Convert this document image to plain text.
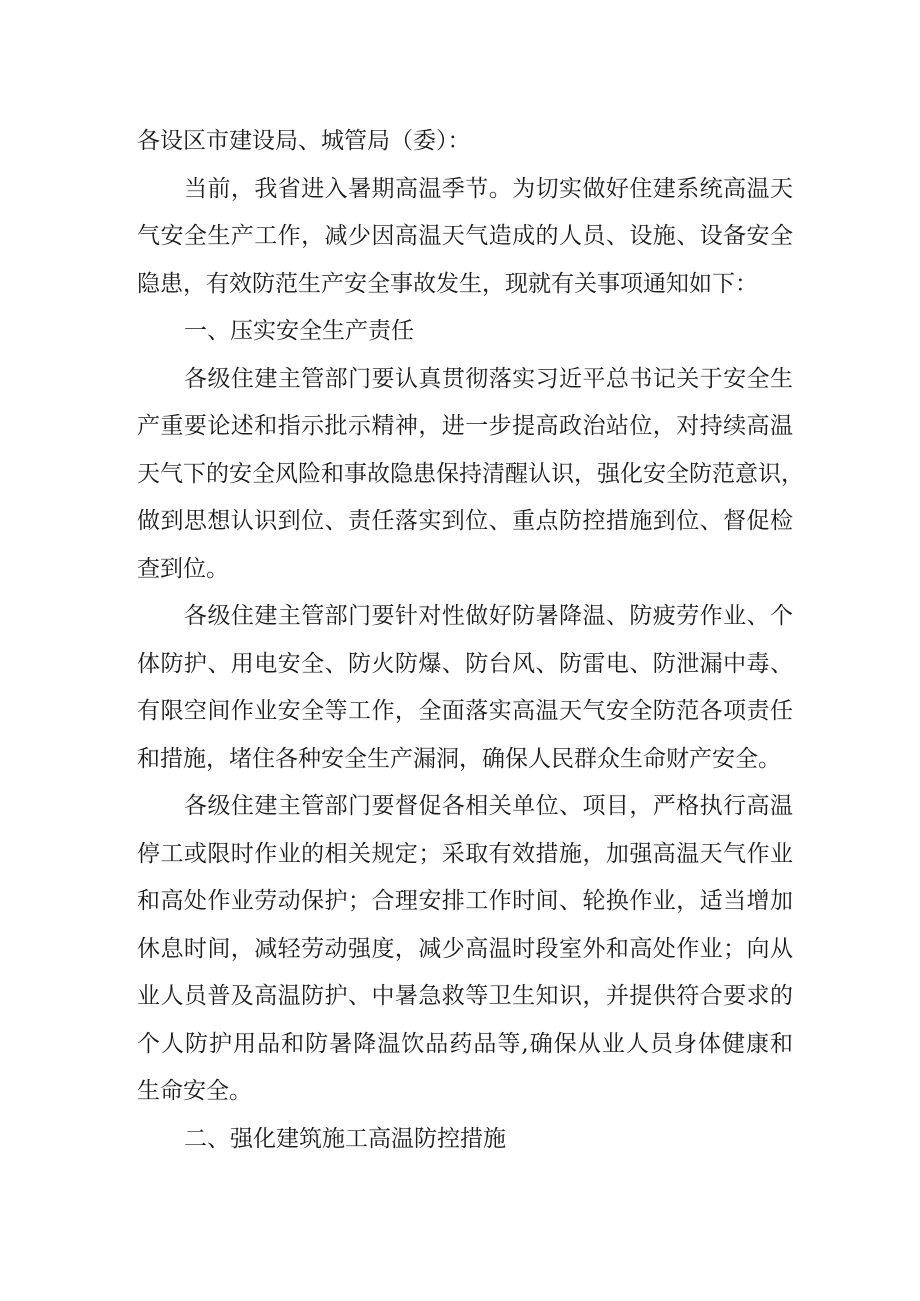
各设区市建设局、城管局（委）：
当前，我省进入暑期高温季节。为切实做好住建系统高温天
气安全生产工作，减少因高温天气造成的人员、设施、设备安全
隐患，有效防范生产安全事故发生，现就有关事项通知如下：
一、压实安全生产责任
各级住建主管部门要认真贯彻落实习近平总书记关于安全生
产重要论述和指示批示精神，进一步提高政治站位，对持续高温
天气下的安全风险和事故隐患保持清醒认识，强化安全防范意识，
做到思想认识到位、责任落实到位、重点防控措施到位、督促检
查到位。
各级住建主管部门要针对性做好防暑降温、防疲劳作业、个
体防护、用电安全、防火防爆、防台风、防雷电、防泄漏中毒、
有限空间作业安全等工作，全面落实高温天气安全防范各项责任
和措施，堵住各种安全生产漏洞，确保人民群众生命财产安全。
各级住建主管部门要督促各相关单位、项目，严格执行高温
停工或限时作业的相关规定；采取有效措施，加强高温天气作业
和高处作业劳动保护；合理安排工作时间、轮换作业，适当增加
休息时间，减轻劳动强度，减少高温时段室外和高处作业；向从
业人员普及高温防护、中暑急救等卫生知识，并提供符合要求的
个人防护用品和防暑降温饮品药品等,确保从业人员身体健康和
生命安全。
二、强化建筑施工高温防控措施
